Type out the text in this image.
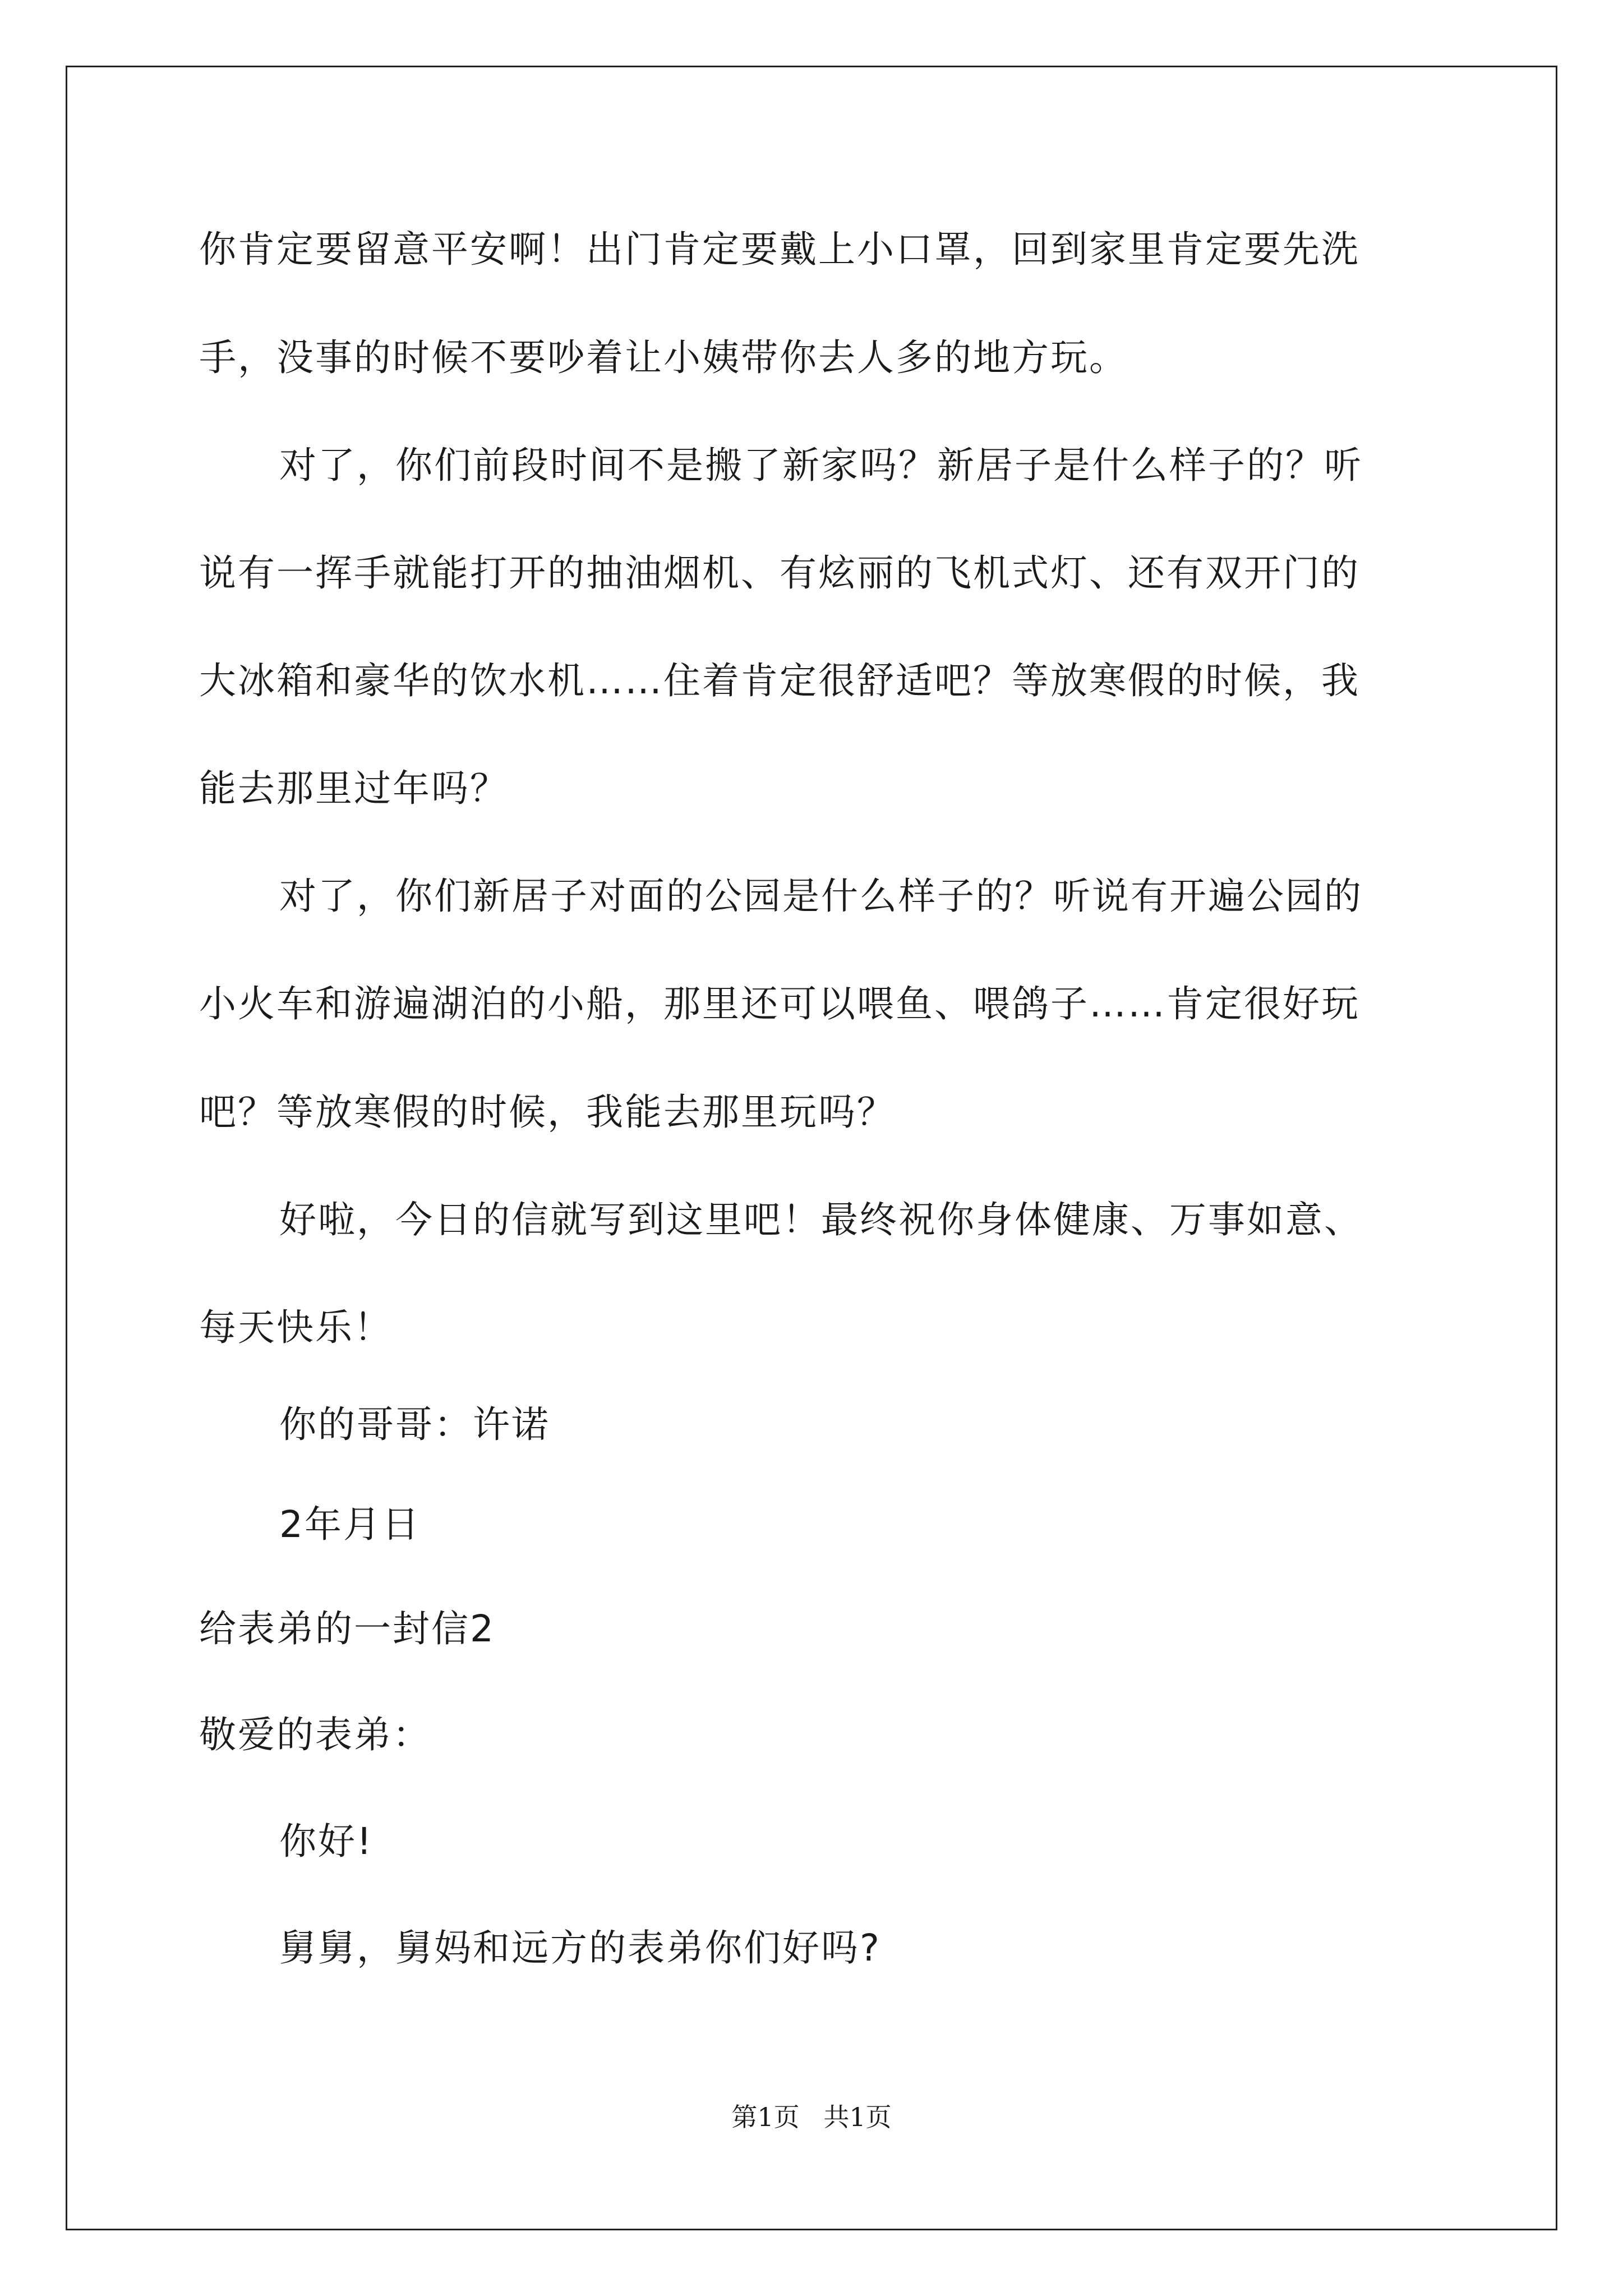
你肯定要留意平安啊！出门肯定要戴上小口罩，回到家里肯定要先洗
手，没事的时候不要吵着让小姨带你去人多的地方玩。
对了，你们前段时间不是搬了新家吗？新居子是什么样子的？听
说有一挥手就能打开的抽油烟机、有炫丽的飞机式灯、还有双开门的
大冰箱和豪华的饮水机……住着肯定很舒适吧？等放寒假的时候，我
能去那里过年吗？
对了，你们新居子对面的公园是什么样子的？听说有开遍公园的
小火车和游遍湖泊的小船，那里还可以喂鱼、喂鸽子……肯定很好玩
吧？等放寒假的时候，我能去那里玩吗？
好啦，今日的信就写到这里吧！最终祝你身体健康、万事如意、
每天快乐！
你的哥哥：许诺
2年月日
给表弟的一封信2
敬爱的表弟：
你好!
舅舅，舅妈和远方的表弟你们好吗?
第1页 共1页
